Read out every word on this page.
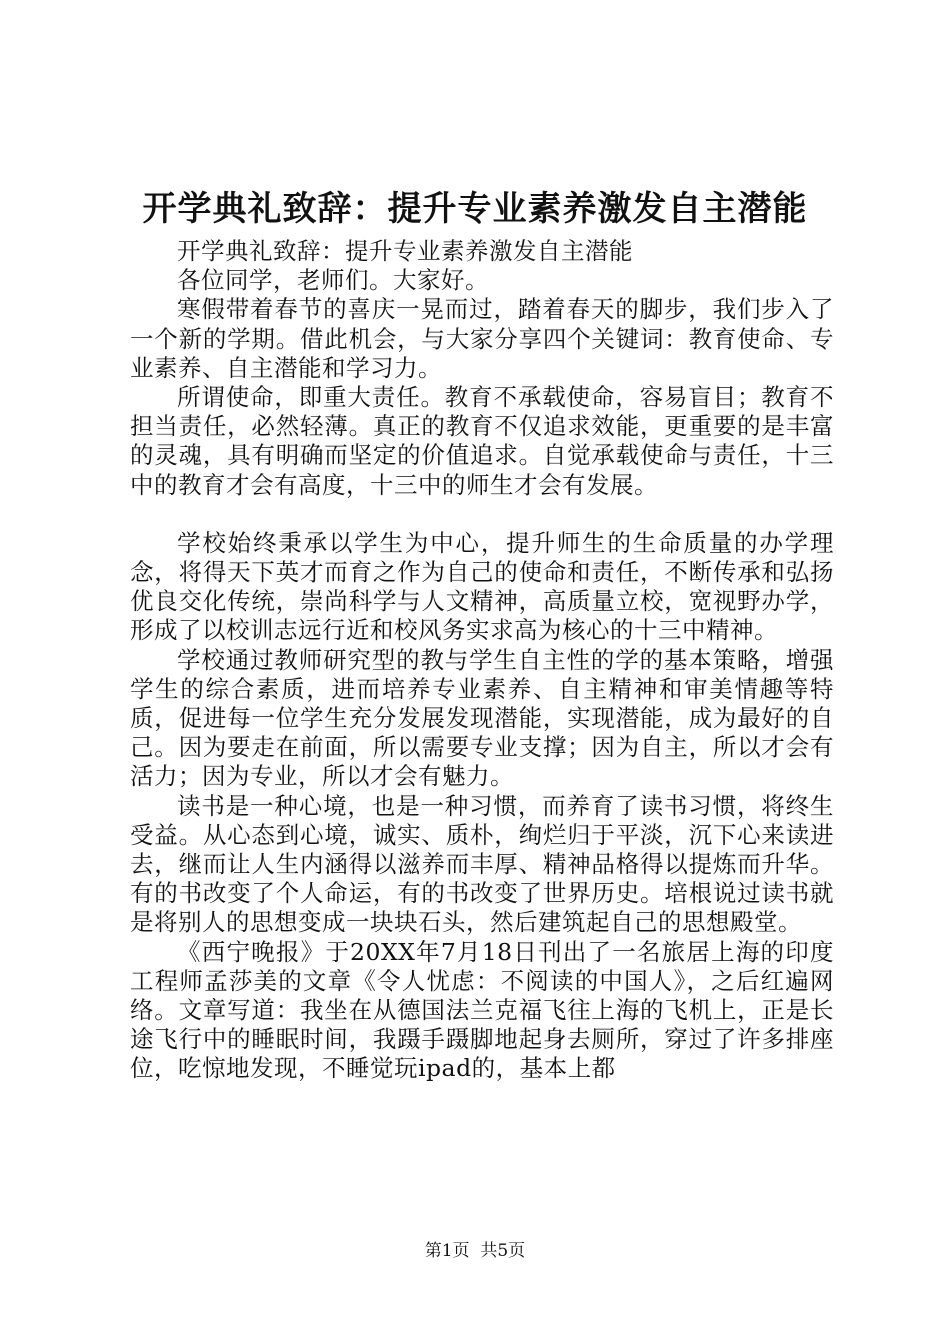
开学典礼致辞：提升专业素养激发自主潜能

开学典礼致辞：提升专业素养激发自主潜能

各位同学，老师们。大家好。

寒假带着春节的喜庆一晃而过，踏着春天的脚步，我们步入了一个新的学期。借此机会，与大家分享四个关键词：教育使命、专业素养、自主潜能和学习力。

所谓使命，即重大责任。教育不承载使命，容易盲目；教育不担当责任，必然轻薄。真正的教育不仅追求效能，更重要的是丰富的灵魂，具有明确而坚定的价值追求。自觉承载使命与责任，十三中的教育才会有高度，十三中的师生才会有发展。

学校始终秉承以学生为中心，提升师生的生命质量的办学理念，将得天下英才而育之作为自己的使命和责任，不断传承和弘扬优良交化传统，崇尚科学与人文精神，高质量立校，宽视野办学，形成了以校训志远行近和校风务实求高为核心的十三中精神。

学校通过教师研究型的教与学生自主性的学的基本策略，增强学生的综合素质，进而培养专业素养、自主精神和审美情趣等特质，促进每一位学生充分发展发现潜能，实现潜能，成为最好的自己。因为要走在前面，所以需要专业支撑；因为自主，所以才会有活力；因为专业，所以才会有魅力。

读书是一种心境，也是一种习惯，而养育了读书习惯，将终生受益。从心态到心境，诚实、质朴，绚烂归于平淡，沉下心来读进去，继而让人生内涵得以滋养而丰厚、精神品格得以提炼而升华。有的书改变了个人命运，有的书改变了世界历史。培根说过读书就是将别人的思想变成一块块石头，然后建筑起自己的思想殿堂。

《西宁晚报》于20XX年7月18日刊出了一名旅居上海的印度工程师孟莎美的文章《令人忧虑：不阅读的中国人》，之后红遍网络。文章写道：我坐在从德国法兰克福飞往上海的飞机上，正是长途飞行中的睡眠时间，我蹑手蹑脚地起身去厕所，穿过了许多排座位，吃惊地发现，不睡觉玩ipad的，基本上都

第1页  共5页
